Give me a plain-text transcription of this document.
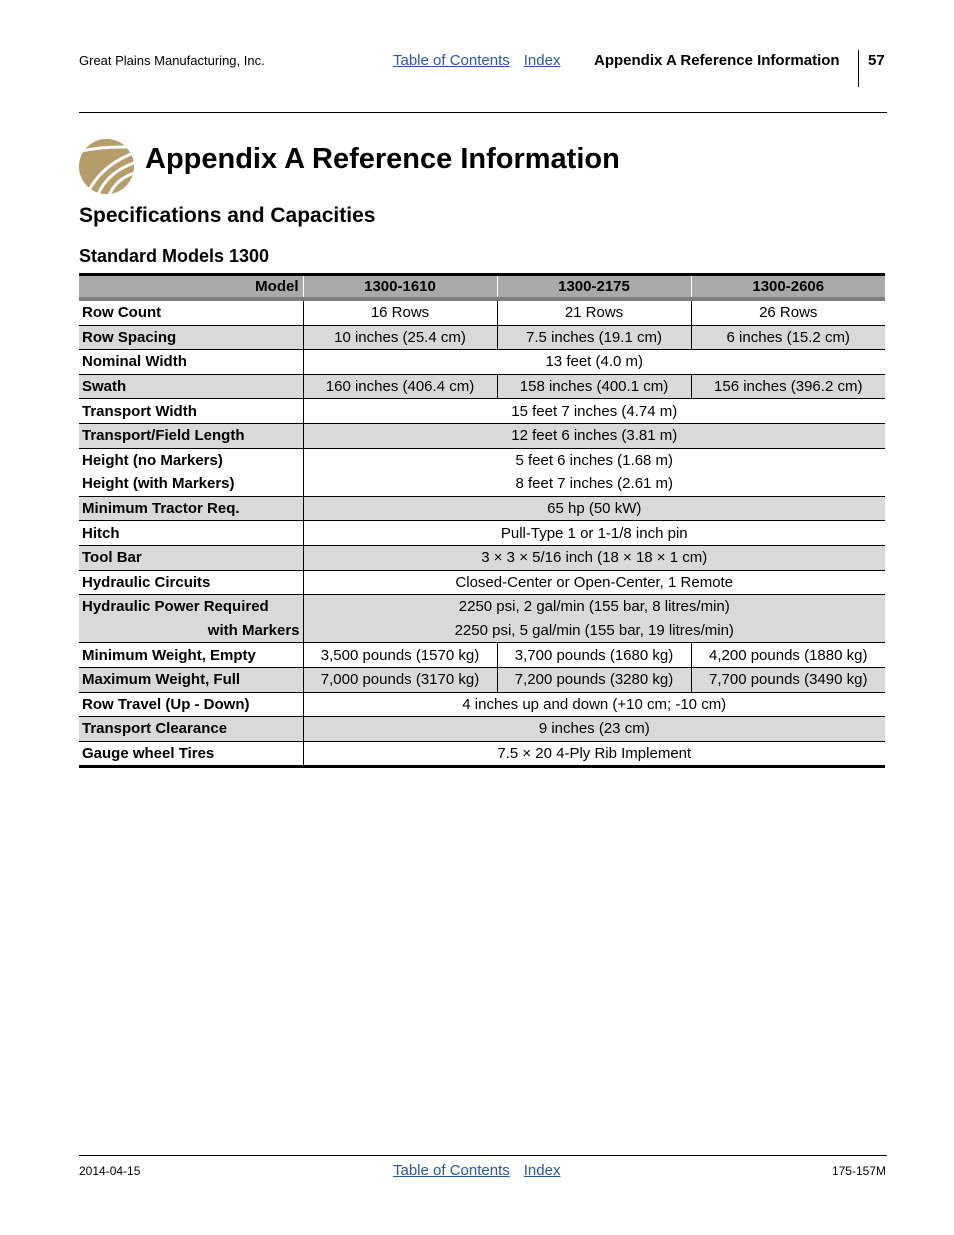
Great Plains Manufacturing, Inc.	Table of Contents Index Appendix A Reference Information 57
Appendix A Reference Information
Specifications and Capacities
Standard Models 1300
Model	1300-1610	1300-2175	1300-2606
Row Count	16 Rows	21 Rows	26 Rows
Row Spacing	10 inches (25.4 cm)	7.5 inches (19.1 cm)	6 inches (15.2 cm)
Nominal Width	13 feet (4.0 m)		
Swath	160 inches (406.4 cm)	158 inches (400.1 cm)	156 inches (396.2 cm)
Transport Width	15 feet 7 inches (4.74 m)		
Transport/Field Length	12 feet 6 inches (3.81 m)		
Height (no Markers)	5 feet 6 inches (1.68 m)		
Height (with Markers)	8 feet 7 inches (2.61 m)		
Minimum Tractor Req.	65 hp (50 kW)		
Hitch	Pull-Type 1 or 1-1/8 inch pin		
Tool Bar	3 × 3 × 5/16 inch (18 × 18 × 1 cm)		
Hydraulic Circuits	Closed-Center or Open-Center, 1 Remote		
Hydraulic Power Required	2250 psi, 2 gal/min (155 bar, 8 litres/min)		
with Markers	2250 psi, 5 gal/min (155 bar, 19 litres/min)		
Minimum Weight, Empty	3,500 pounds (1570 kg)	3,700 pounds (1680 kg)	4,200 pounds (1880 kg)
Maximum Weight, Full	7,000 pounds (3170 kg)	7,200 pounds (3280 kg)	7,700 pounds (3490 kg)
Row Travel (Up - Down)	4 inches up and down (+10 cm; -10 cm)		
Transport Clearance	9 inches (23 cm)		
Gauge wheel Tires	7.5 × 20 4-Ply Rib Implement		
2014-04-15	Table of Contents Index	175-157M
